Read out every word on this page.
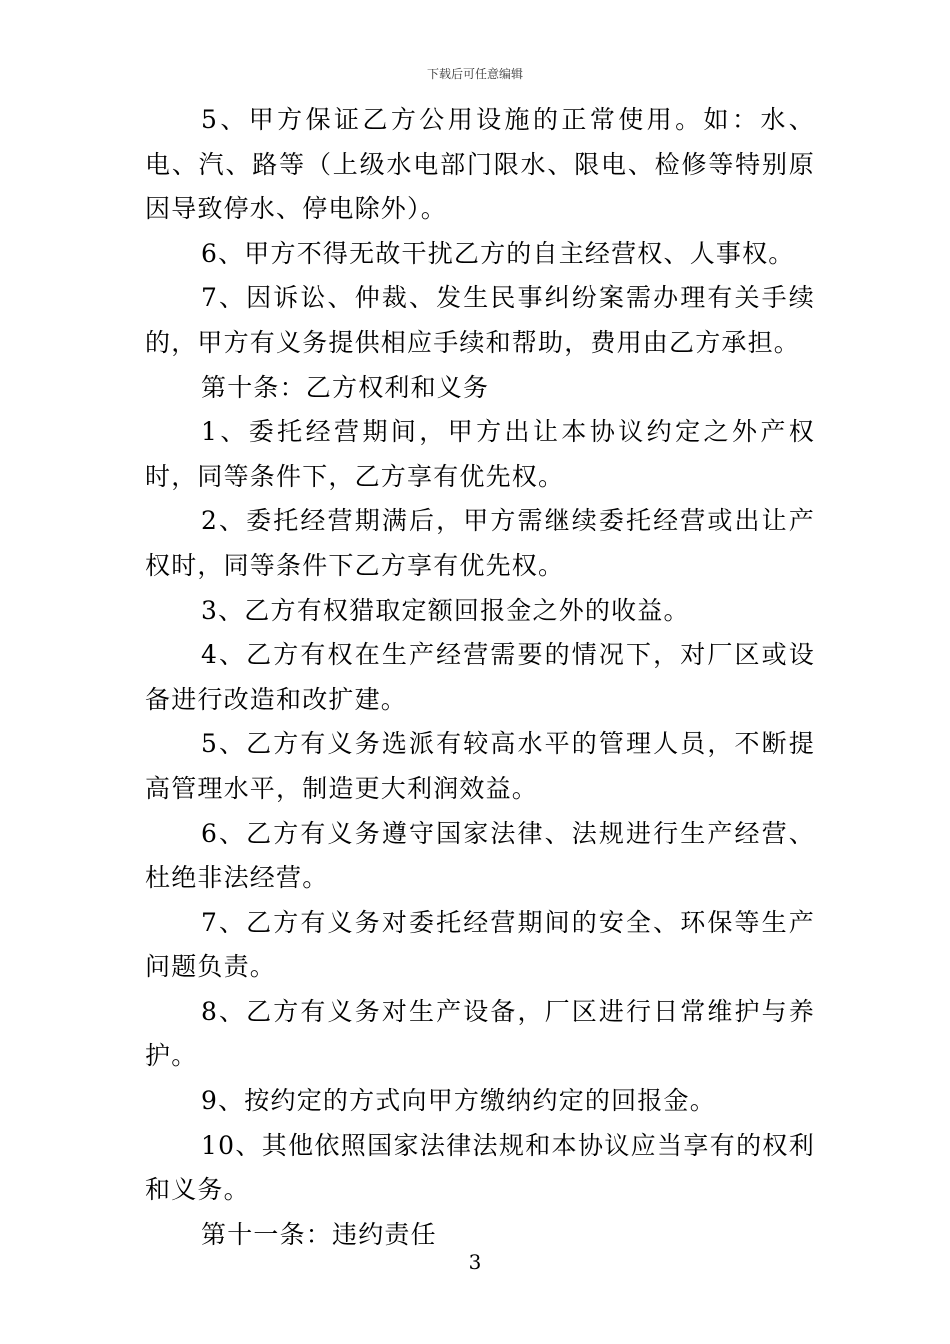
下载后可任意编辑

5、甲方保证乙方公用设施的正常使用。如：水、电、汽、路等（上级水电部门限水、限电、检修等特别原因导致停水、停电除外）。

6、甲方不得无故干扰乙方的自主经营权、人事权。

7、因诉讼、仲裁、发生民事纠纷案需办理有关手续的，甲方有义务提供相应手续和帮助，费用由乙方承担。

第十条：乙方权利和义务

1、委托经营期间，甲方出让本协议约定之外产权时，同等条件下，乙方享有优先权。

2、委托经营期满后，甲方需继续委托经营或出让产权时，同等条件下乙方享有优先权。

3、乙方有权猎取定额回报金之外的收益。

4、乙方有权在生产经营需要的情况下，对厂区或设备进行改造和改扩建。

5、乙方有义务选派有较高水平的管理人员，不断提高管理水平，制造更大利润效益。

6、乙方有义务遵守国家法律、法规进行生产经营、杜绝非法经营。

7、乙方有义务对委托经营期间的安全、环保等生产问题负责。

8、乙方有义务对生产设备，厂区进行日常维护与养护。

9、按约定的方式向甲方缴纳约定的回报金。

10、其他依照国家法律法规和本协议应当享有的权利和义务。

第十一条：违约责任

3
